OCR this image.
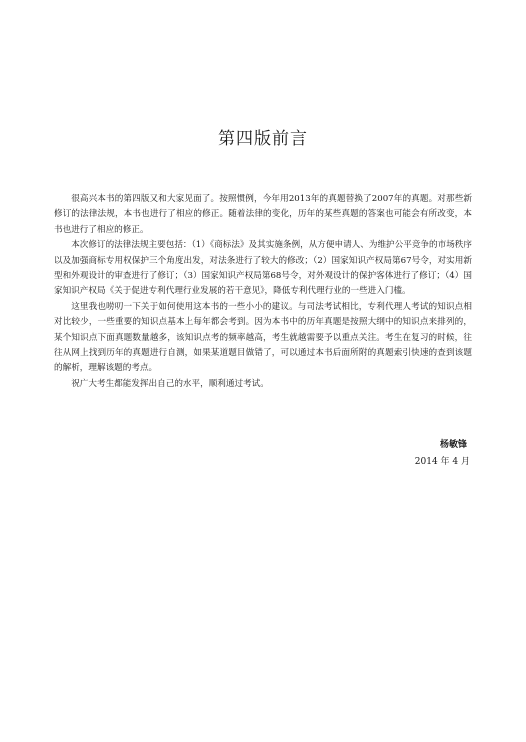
第四版前言

很高兴本书的第四版又和大家见面了。按照惯例，今年用2013年的真题替换了2007年的真题。对那些新修订的法律法规，本书也进行了相应的修正。随着法律的变化，历年的某些真题的答案也可能会有所改变，本书也进行了相应的修正。

本次修订的法律法规主要包括：（1）《商标法》及其实施条例，从方便申请人、为维护公平竞争的市场秩序以及加强商标专用权保护三个角度出发，对法条进行了较大的修改；（2）国家知识产权局第67号令，对实用新型和外观设计的审查进行了修订；（3）国家知识产权局第68号令，对外观设计的保护客体进行了修订；（4）国家知识产权局《关于促进专利代理行业发展的若干意见》，降低专利代理行业的一些进入门槛。

这里我也唠叨一下关于如何使用这本书的一些小小的建议。与司法考试相比，专利代理人考试的知识点相对比较少，一些重要的知识点基本上每年都会考到。因为本书中的历年真题是按照大纲中的知识点来排列的，某个知识点下面真题数量越多，该知识点考的频率越高，考生就越需要予以重点关注。考生在复习的时候，往往从网上找到历年的真题进行自测，如果某道题目做错了，可以通过本书后面所附的真题索引快速的查到该题的解析，理解该题的考点。

祝广大考生都能发挥出自己的水平，顺利通过考试。

杨敏锋
2014 年 4 月
